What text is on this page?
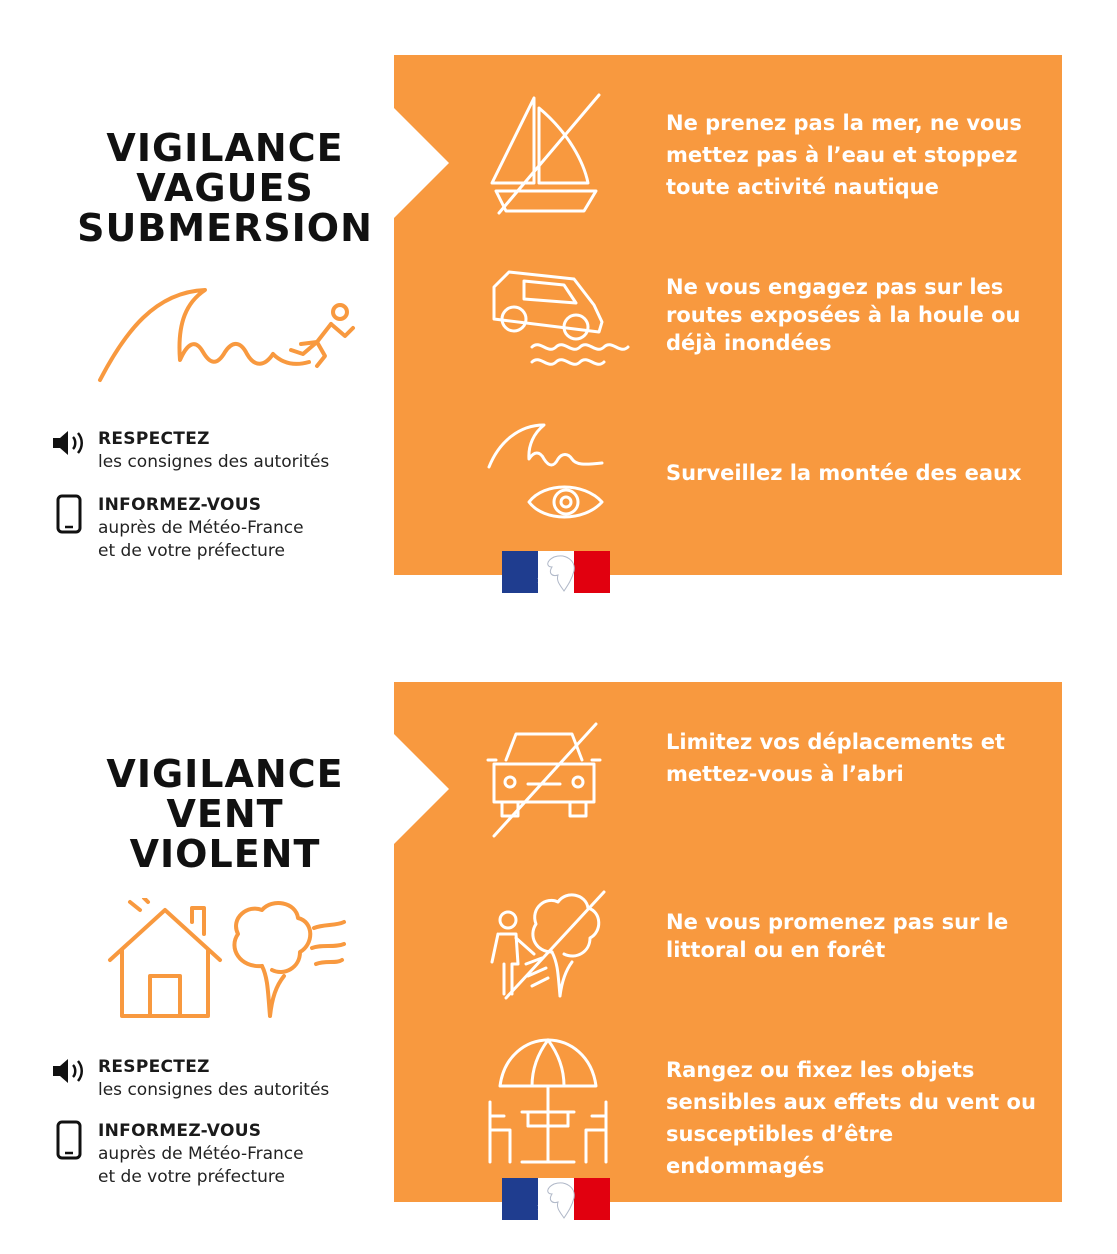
VIGILANCE
VAGUES
SUBMERSION
RESPECTEZ
les consignes des autorités
INFORMEZ-VOUS
auprès de Météo-France
et de votre préfecture
Ne prenez pas la mer, ne vous mettez pas à l’eau et stoppez toute activité nautique
Ne vous engagez pas sur les routes exposées à la houle ou déjà inondées
Surveillez la montée des eaux
VIGILANCE
VENT
VIOLENT
RESPECTEZ
les consignes des autorités
INFORMEZ-VOUS
auprès de Météo-France
et de votre préfecture
Limitez vos déplacements et mettez-vous à l’abri
Ne vous promenez pas sur le littoral ou en forêt
Rangez ou fixez les objets sensibles aux effets du vent ou susceptibles d’être endommagés
